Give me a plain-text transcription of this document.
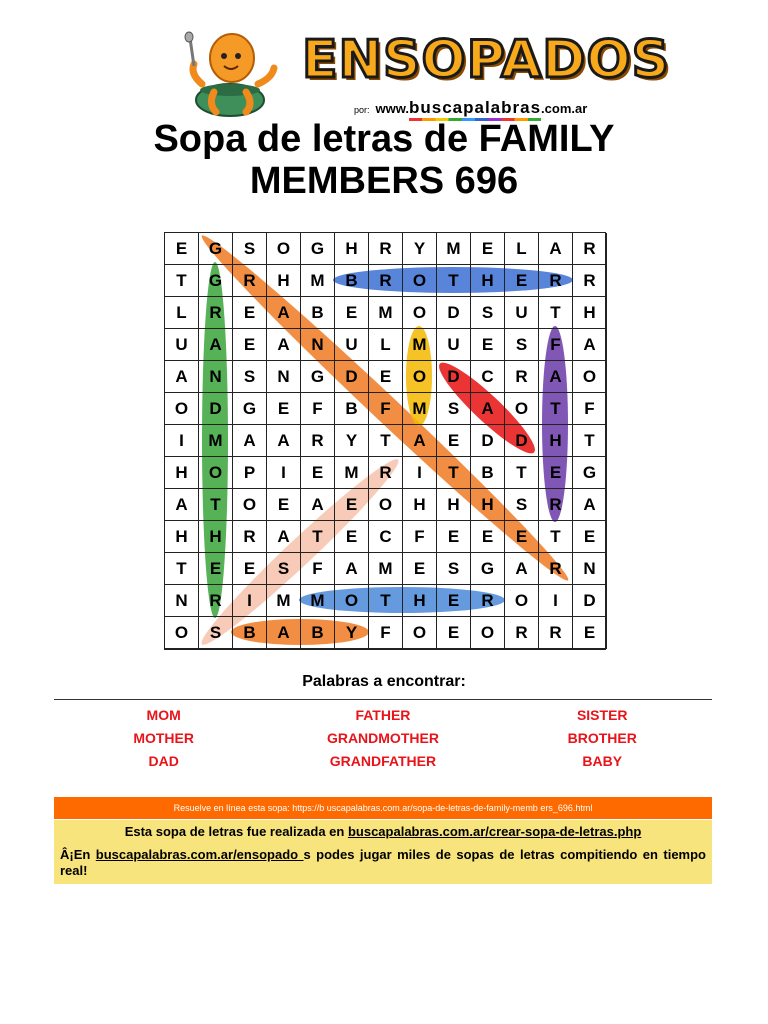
ENSOPADOS
por: www.buscapalabras.com.ar
Sopa de letras de FAMILY MEMBERS 696
E	G	S	O	G	H	R	Y	M	E	L	A	R
T	G	R	H	M	B	R	O	T	H	E	R	R
L	R	E	A	B	E	M	O	D	S	U	T	H
U	A	E	A	N	U	L	M	U	E	S	F	A
A	N	S	N	G	D	E	O	D	C	R	A	O
O	D	G	E	F	B	F	M	S	A	O	T	F
I	M	A	A	R	Y	T	A	E	D	D	H	T
H	O	P	I	E	M	R	I	T	B	T	E	G
A	T	O	E	A	E	O	H	H	H	S	R	A
H	H	R	A	T	E	C	F	E	E	E	T	E
T	E	E	S	F	A	M	E	S	G	A	R	N
N	R	I	M	M	O	T	H	E	R	O	I	D
O	S	B	A	B	Y	F	O	E	O	R	R	E
Palabras a encontrar:
MOM	FATHER	SISTER
MOTHER	GRANDMOTHER	BROTHER
DAD	GRANDFATHER	BABY
Resuelve en línea esta sopa: https://b uscapalabras.com.ar/sopa-de-letras-de-family-memb ers_696.html
Esta sopa de letras fue realizada en buscapalabras.com.ar/crear-sopa-de-letras.php
Â¡En buscapalabras.com.ar/ensopado s podes jugar miles de sopas de letras compitiendo en tiempo real!
